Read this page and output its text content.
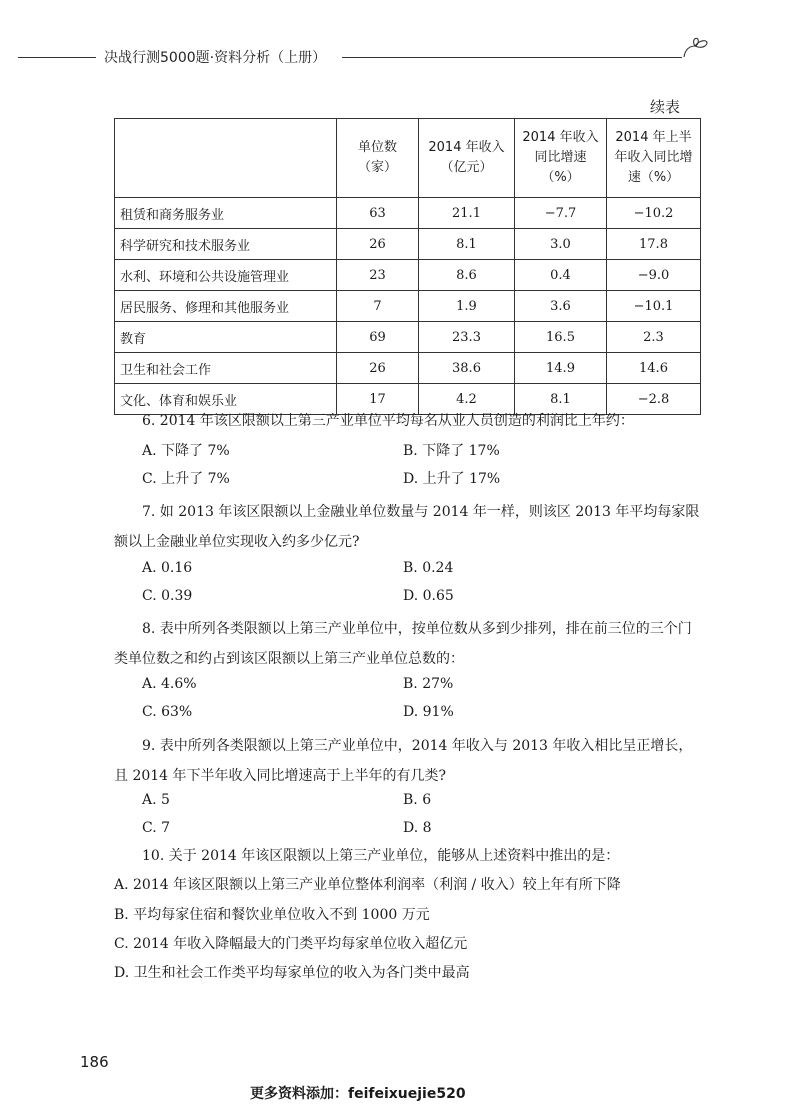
决战行测5000题·资料分析（上册）
续表

	单位数（家）	2014 年收入（亿元）	2014 年收入同比增速（%）	2014 年上半年收入同比增速（%）

租赁和商务服务业	63	21.1	−7.7	−10.2
科学研究和技术服务业	26	8.1	3.0	17.8
水利、环境和公共设施管理业	23	8.6	0.4	−9.0
居民服务、修理和其他服务业	7	1.9	3.6	−10.1
教育	69	23.3	16.5	2.3
卫生和社会工作	26	38.6	14.9	14.6
文化、体育和娱乐业	17	4.2	8.1	−2.8
6. 2014 年该区限额以上第三产业单位平均每名从业人员创造的利润比上年约：
A. 下降了 7%	B. 下降了 17%
C. 上升了 7%	D. 上升了 17%
7. 如 2013 年该区限额以上金融业单位数量与 2014 年一样，则该区 2013 年平均每家限额以上金融业单位实现收入约多少亿元?
A. 0.16	B. 0.24
C. 0.39	D. 0.65
8. 表中所列各类限额以上第三产业单位中，按单位数从多到少排列，排在前三位的三个门类单位数之和约占到该区限额以上第三产业单位总数的：
A. 4.6%	B. 27%
C. 63%	D. 91%
9. 表中所列各类限额以上第三产业单位中，2014 年收入与 2013 年收入相比呈正增长，且 2014 年下半年收入同比增速高于上半年的有几类?
A. 5	B. 6
C. 7	D. 8
10. 关于 2014 年该区限额以上第三产业单位，能够从上述资料中推出的是：
A. 2014 年该区限额以上第三产业单位整体利润率（利润 / 收入）较上年有所下降
B. 平均每家住宿和餐饮业单位收入不到 1000 万元
C. 2014 年收入降幅最大的门类平均每家单位收入超亿元
D. 卫生和社会工作类平均每家单位的收入为各门类中最高
186
更多资料添加：feifeixuejie520
